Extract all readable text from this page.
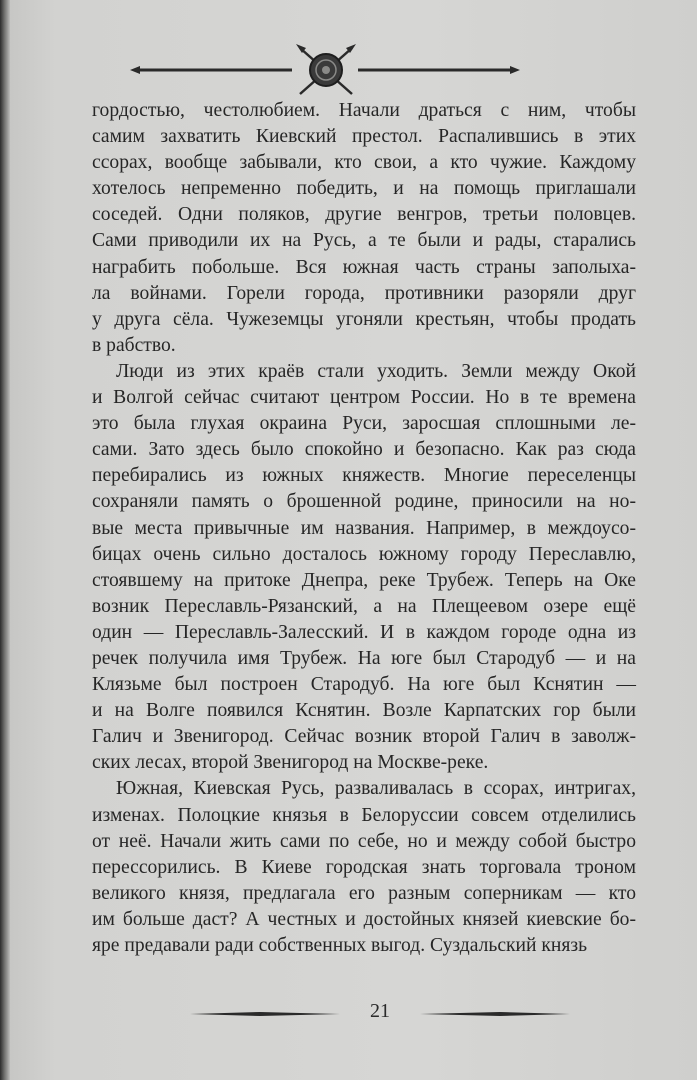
гордостью, честолюбием. Начали драться с ним, чтобы
самим захватить Киевский престол. Распалившись в этих
ссорах, вообще забывали, кто свои, а кто чужие. Каждому
хотелось непременно победить, и на помощь приглашали
соседей. Одни поляков, другие венгров, третьи половцев.
Сами приводили их на Русь, а те были и рады, старались
награбить побольше. Вся южная часть страны заполыха-
ла войнами. Горели города, противники разоряли друг
у друга сёла. Чужеземцы угоняли крестьян, чтобы продать
в рабство.
Люди из этих краёв стали уходить. Земли между Окой
и Волгой сейчас считают центром России. Но в те времена
это была глухая окраина Руси, заросшая сплошными ле-
сами. Зато здесь было спокойно и безопасно. Как раз сюда
перебирались из южных княжеств. Многие переселенцы
сохраняли память о брошенной родине, приносили на но-
вые места привычные им названия. Например, в междоусо-
бицах очень сильно досталось южному городу Переславлю,
стоявшему на притоке Днепра, реке Трубеж. Теперь на Оке
возник Переславль-Рязанский, а на Плещеевом озере ещё
один — Переславль-Залесский. И в каждом городе одна из
речек получила имя Трубеж. На юге был Стародуб — и на
Клязьме был построен Стародуб. На юге был Кснятин —
и на Волге появился Кснятин. Возле Карпатских гор были
Галич и Звенигород. Сейчас возник второй Галич в заволж-
ских лесах, второй Звенигород на Москве-реке.
Южная, Киевская Русь, разваливалась в ссорах, интригах,
изменах. Полоцкие князья в Белоруссии совсем отделились
от неё. Начали жить сами по себе, но и между собой быстро
перессорились. В Киеве городская знать торговала троном
великого князя, предлагала его разным соперникам — кто
им больше даст? А честных и достойных князей киевские бо-
яре предавали ради собственных выгод. Суздальский князь
21
